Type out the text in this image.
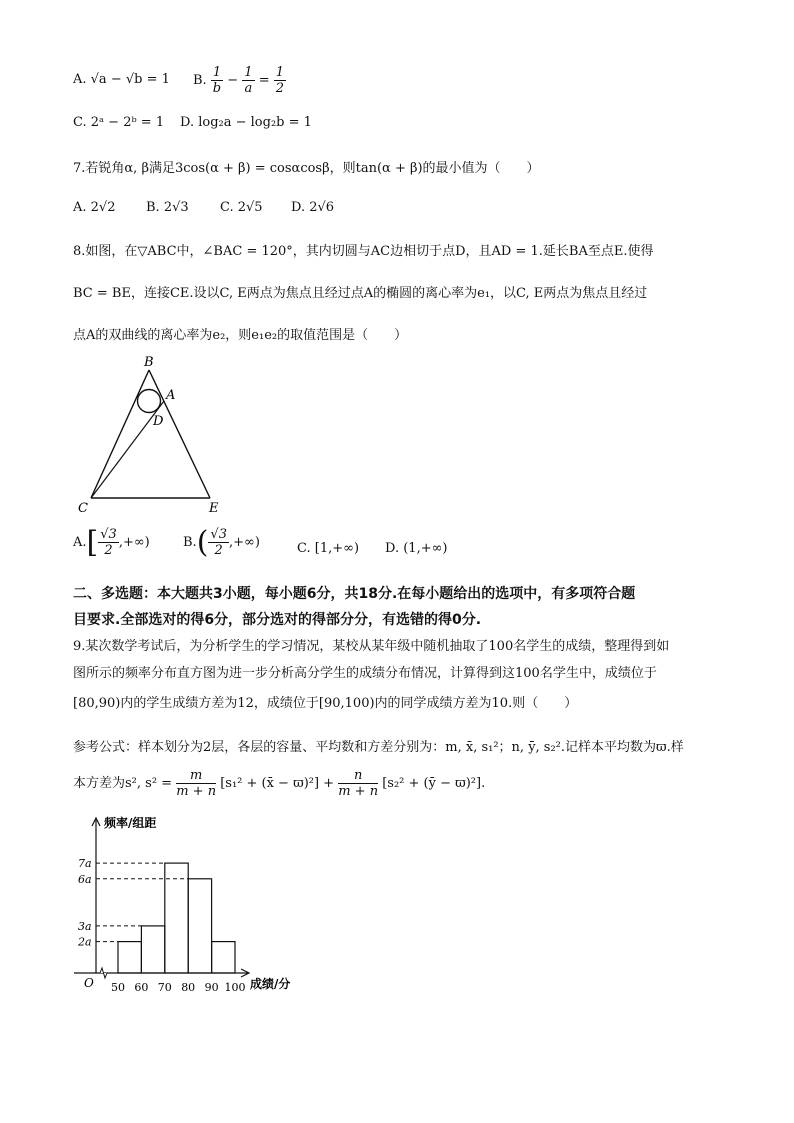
A. √a − √b = 1 B. $\frac{1}{b} - \frac{1}{a} = \frac{1}{2}$
C. 2ᵃ − 2ᵇ = 1 D. log₂a − log₂b = 1
7.若锐角α, β满足3cos(α + β) = cosαcosβ，则tan(α + β)的最小值为（　　）
A. 2√2 B. 2√3 C. 2√5 D. 2√6
8.如图，在▽ABC中，∠BAC = 120°，其内切圆与AC边相切于点D，且AD = 1.延长BA至点E.使得
BC = BE，连接CE.设以C, E两点为焦点且经过点A的椭圆的离心率为e₁，以C, E两点为焦点且经过
点A的双曲线的离心率为e₂，则e₁e₂的取值范围是（　　）
B
A
D
C	E
$A.[ \frac{√3}{2}$ ,+∞)	$B.( \frac{√3}{2}$ ,+∞)	C. [1,+∞) D. (1,+∞)
二、多选题：本大题共3小题，每小题6分，共18分.在每小题给出的选项中，有多项符合题
目要求.全部选对的得6分，部分选对的得部分分，有选错的得0分.
9.某次数学考试后，为分析学生的学习情况，某校从某年级中随机抽取了100名学生的成绩，整理得到如
图所示的频率分布直方图为进一步分析高分学生的成绩分布情况，计算得到这100名学生中，成绩位于
[80,90)内的学生成绩方差为12，成绩位于[90,100)内的同学成绩方差为10.则（　　）
参考公式：样本划分为2层，各层的容量、平均数和方差分别为：m, x̄, s₁²；n, ȳ, s₂².记样本平均数为ϖ.样
本方差为s², $s^2 = \frac{m}{m + n} [s_1^2$ + (x̄ − $ϖ)^2] + \frac{n}{m + n} [s_2^2$ + (ȳ − ϖ)²].
2a
3a
6a
7a
50 60 70 80 90 100
频率/组距
成绩/分
O
